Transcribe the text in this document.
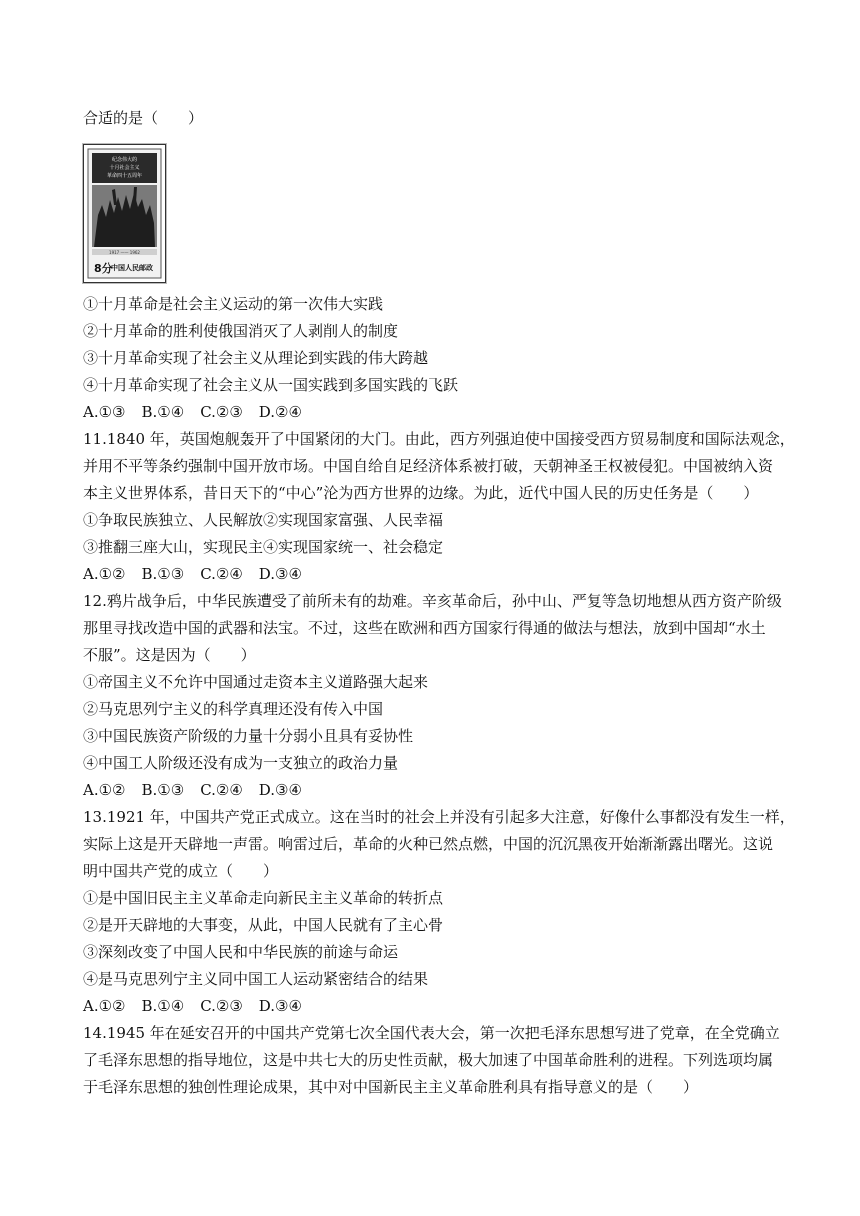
合适的是（　　）
纪念伟大的
十月社会主义
革命四十五周年
1917 —— 1962
8分
中国人民邮政
①十月革命是社会主义运动的第一次伟大实践
②十月革命的胜利使俄国消灭了人剥削人的制度
③十月革命实现了社会主义从理论到实践的伟大跨越
④十月革命实现了社会主义从一国实践到多国实践的飞跃
A.①③ B.①④ C.②③ D.②④
11.1840 年，英国炮舰轰开了中国紧闭的大门。由此，西方列强迫使中国接受西方贸易制度和国际法观念，
并用不平等条约强制中国开放市场。中国自给自足经济体系被打破，天朝神圣王权被侵犯。中国被纳入资
本主义世界体系，昔日天下的“中心”沦为西方世界的边缘。为此，近代中国人民的历史任务是（　　）
①争取民族独立、人民解放②实现国家富强、人民幸福
③推翻三座大山，实现民主④实现国家统一、社会稳定
A.①② B.①③ C.②④ D.③④
12.鸦片战争后，中华民族遭受了前所未有的劫难。辛亥革命后，孙中山、严复等急切地想从西方资产阶级
那里寻找改造中国的武器和法宝。不过，这些在欧洲和西方国家行得通的做法与想法，放到中国却“水土
不服”。这是因为（　　）
①帝国主义不允许中国通过走资本主义道路强大起来
②马克思列宁主义的科学真理还没有传入中国
③中国民族资产阶级的力量十分弱小且具有妥协性
④中国工人阶级还没有成为一支独立的政治力量
A.①② B.①③ C.②④ D.③④
13.1921 年，中国共产党正式成立。这在当时的社会上并没有引起多大注意，好像什么事都没有发生一样，
实际上这是开天辟地一声雷。响雷过后，革命的火种已然点燃，中国的沉沉黑夜开始渐渐露出曙光。这说
明中国共产党的成立（　　）
①是中国旧民主主义革命走向新民主主义革命的转折点
②是开天辟地的大事变，从此，中国人民就有了主心骨
③深刻改变了中国人民和中华民族的前途与命运
④是马克思列宁主义同中国工人运动紧密结合的结果
A.①② B.①④ C.②③ D.③④
14.1945 年在延安召开的中国共产党第七次全国代表大会，第一次把毛泽东思想写进了党章，在全党确立
了毛泽东思想的指导地位，这是中共七大的历史性贡献，极大加速了中国革命胜利的进程。下列选项均属
于毛泽东思想的独创性理论成果，其中对中国新民主主义革命胜利具有指导意义的是（　　）
